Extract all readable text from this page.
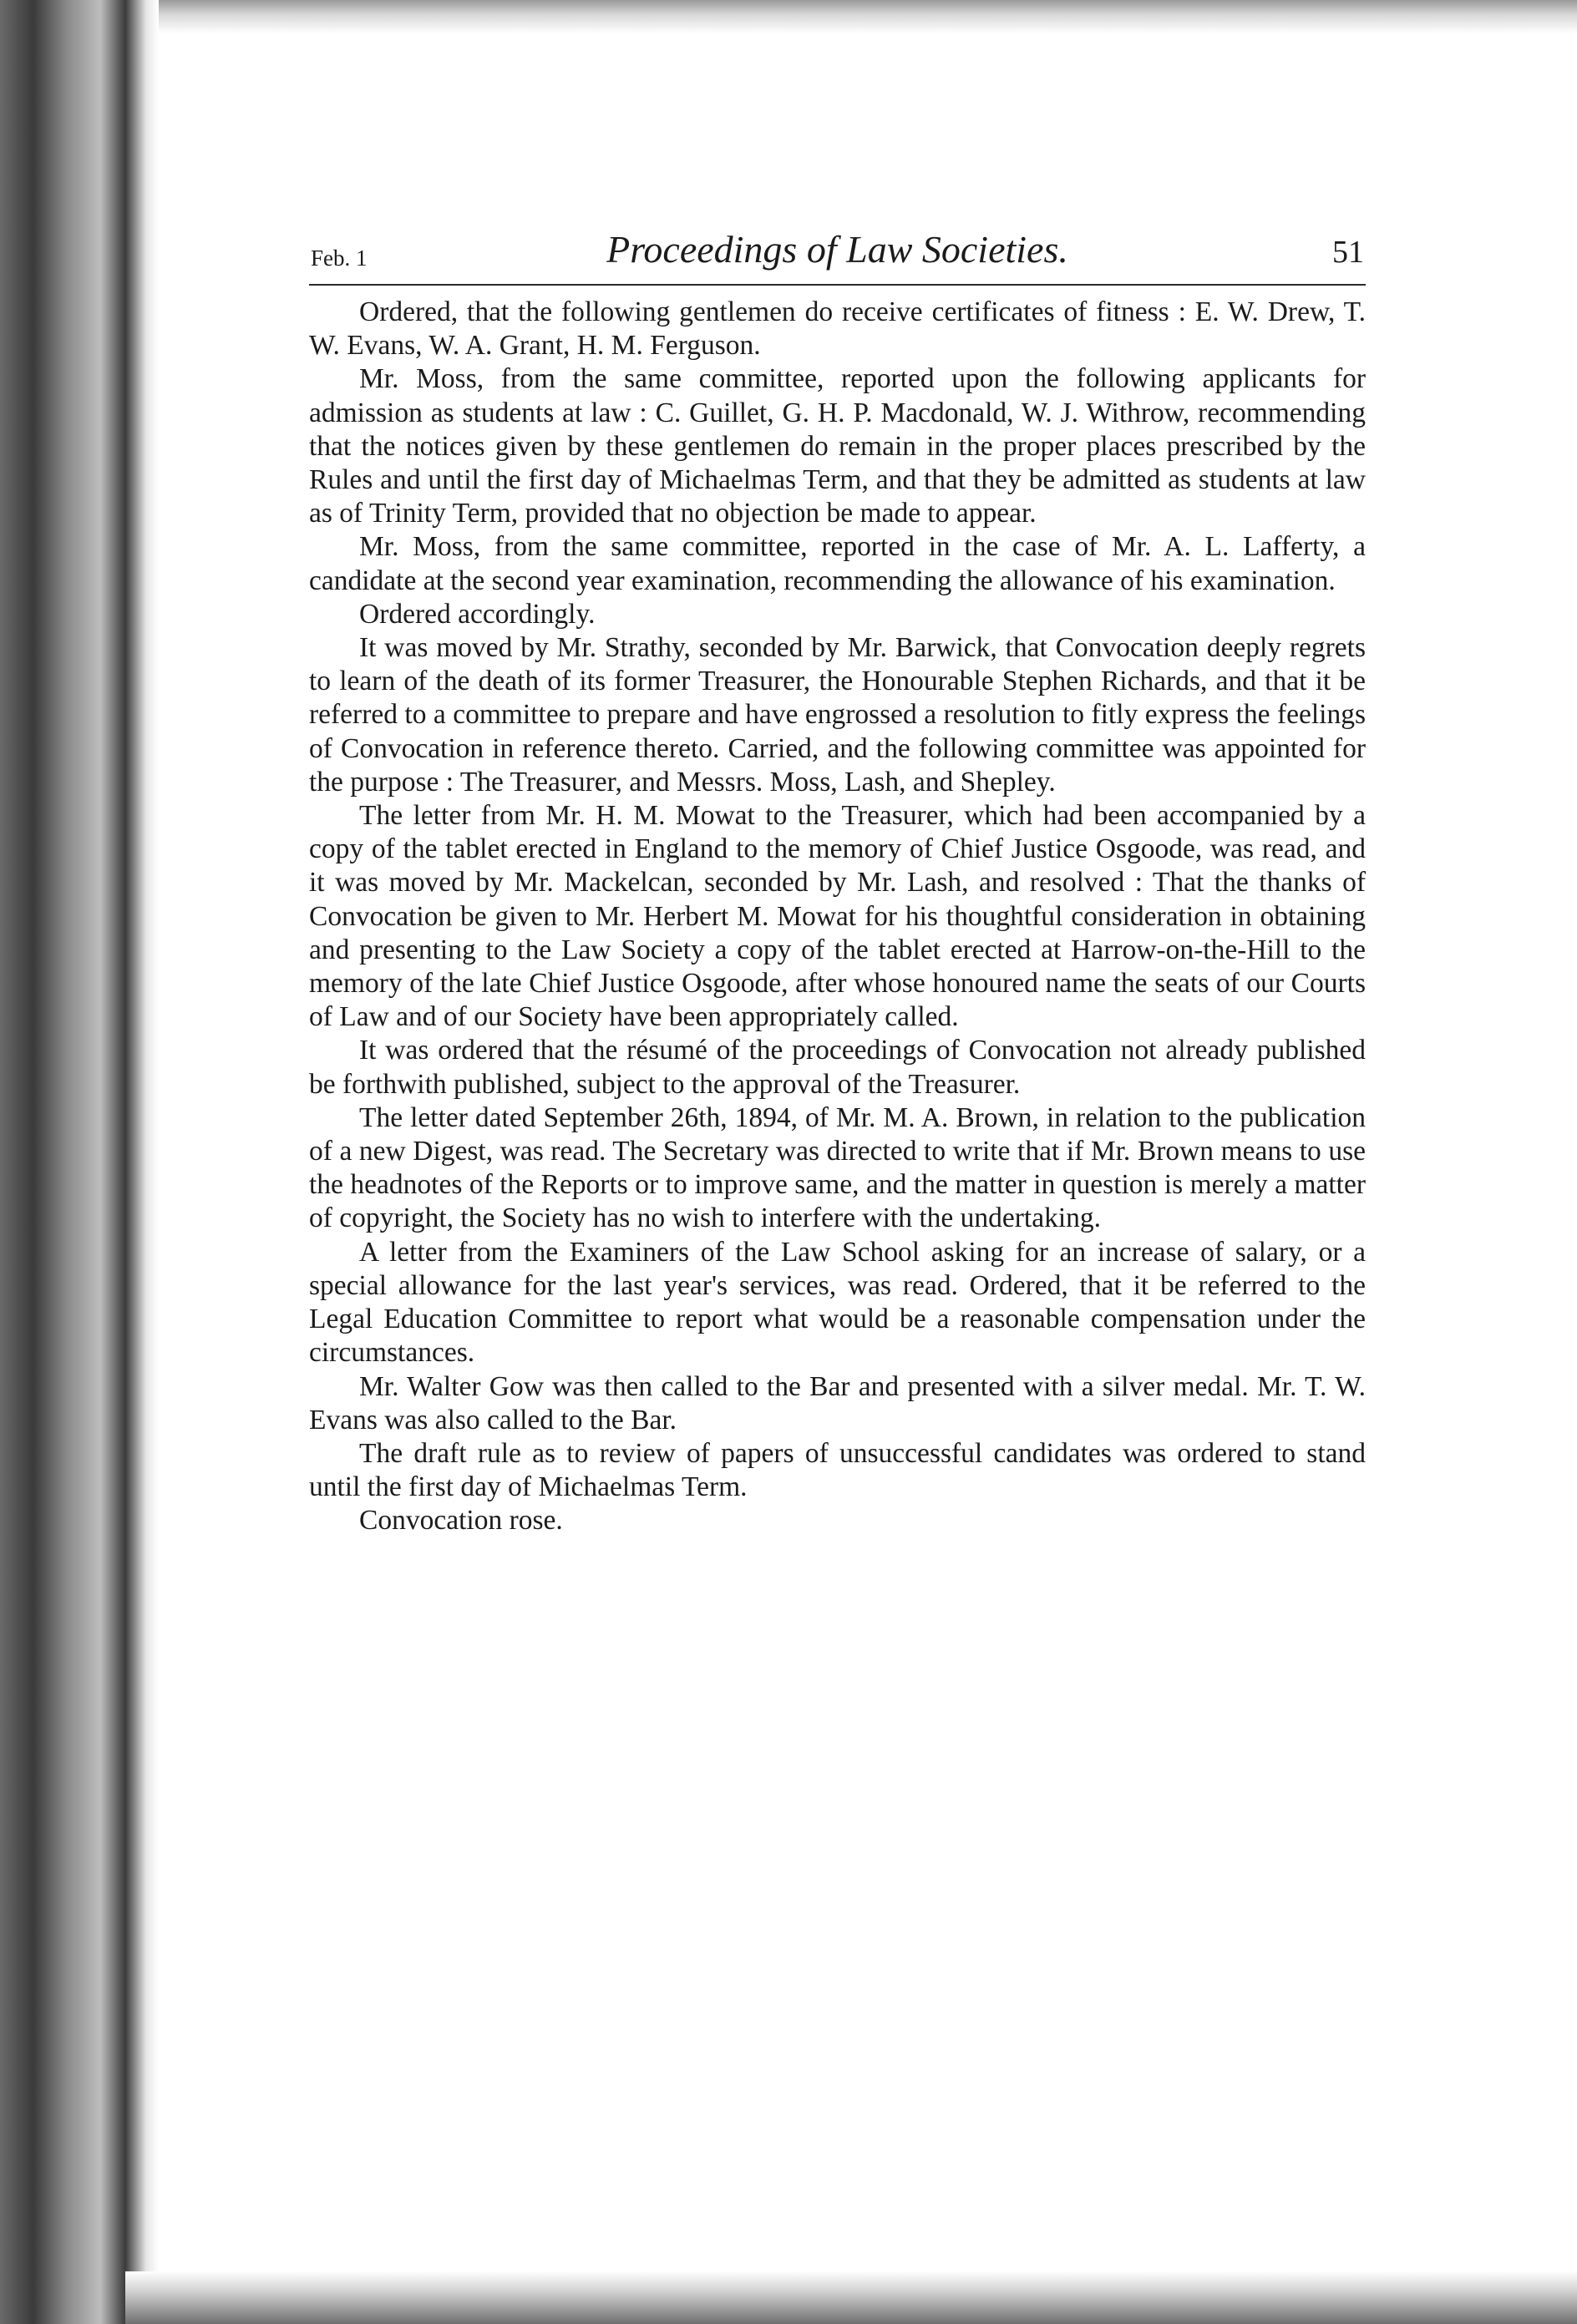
Feb. 1	Proceedings of Law Societies.	51

Ordered, that the following gentlemen do receive certificates of fitness : E. W. Drew, T. W. Evans, W. A. Grant, H. M. Ferguson.

Mr. Moss, from the same committee, reported upon the following applicants for admission as students at law : C. Guillet, G. H. P. Macdonald, W. J. Withrow, recommending that the notices given by these gentlemen do remain in the proper places prescribed by the Rules and until the first day of Michaelmas Term, and that they be admitted as students at law as of Trinity Term, provided that no objection be made to appear.

Mr. Moss, from the same committee, reported in the case of Mr. A. L. Lafferty, a candidate at the second year examination, recommending the allowance of his examination.

Ordered accordingly.

It was moved by Mr. Strathy, seconded by Mr. Barwick, that Convocation deeply regrets to learn of the death of its former Treasurer, the Honourable Stephen Richards, and that it be referred to a committee to prepare and have engrossed a resolution to fitly express the feelings of Convocation in reference thereto. Carried, and the following committee was appointed for the purpose : The Treasurer, and Messrs. Moss, Lash, and Shepley.

The letter from Mr. H. M. Mowat to the Treasurer, which had been accompanied by a copy of the tablet erected in England to the memory of Chief Justice Osgoode, was read, and it was moved by Mr. Mackelcan, seconded by Mr. Lash, and resolved : That the thanks of Convocation be given to Mr. Herbert M. Mowat for his thoughtful consideration in obtaining and presenting to the Law Society a copy of the tablet erected at Harrow-on-the-Hill to the memory of the late Chief Justice Osgoode, after whose honoured name the seats of our Courts of Law and of our Society have been appropriately called.

It was ordered that the résumé of the proceedings of Convocation not already published be forthwith published, subject to the approval of the Treasurer.

The letter dated September 26th, 1894, of Mr. M. A. Brown, in relation to the publication of a new Digest, was read. The Secretary was directed to write that if Mr. Brown means to use the headnotes of the Reports or to improve same, and the matter in question is merely a matter of copyright, the Society has no wish to interfere with the undertaking.

A letter from the Examiners of the Law School asking for an increase of salary, or a special allowance for the last year's services, was read. Ordered, that it be referred to the Legal Education Committee to report what would be a reasonable compensation under the circumstances.

Mr. Walter Gow was then called to the Bar and presented with a silver medal. Mr. T. W. Evans was also called to the Bar.

The draft rule as to review of papers of unsuccessful candidates was ordered to stand until the first day of Michaelmas Term.

Convocation rose.
